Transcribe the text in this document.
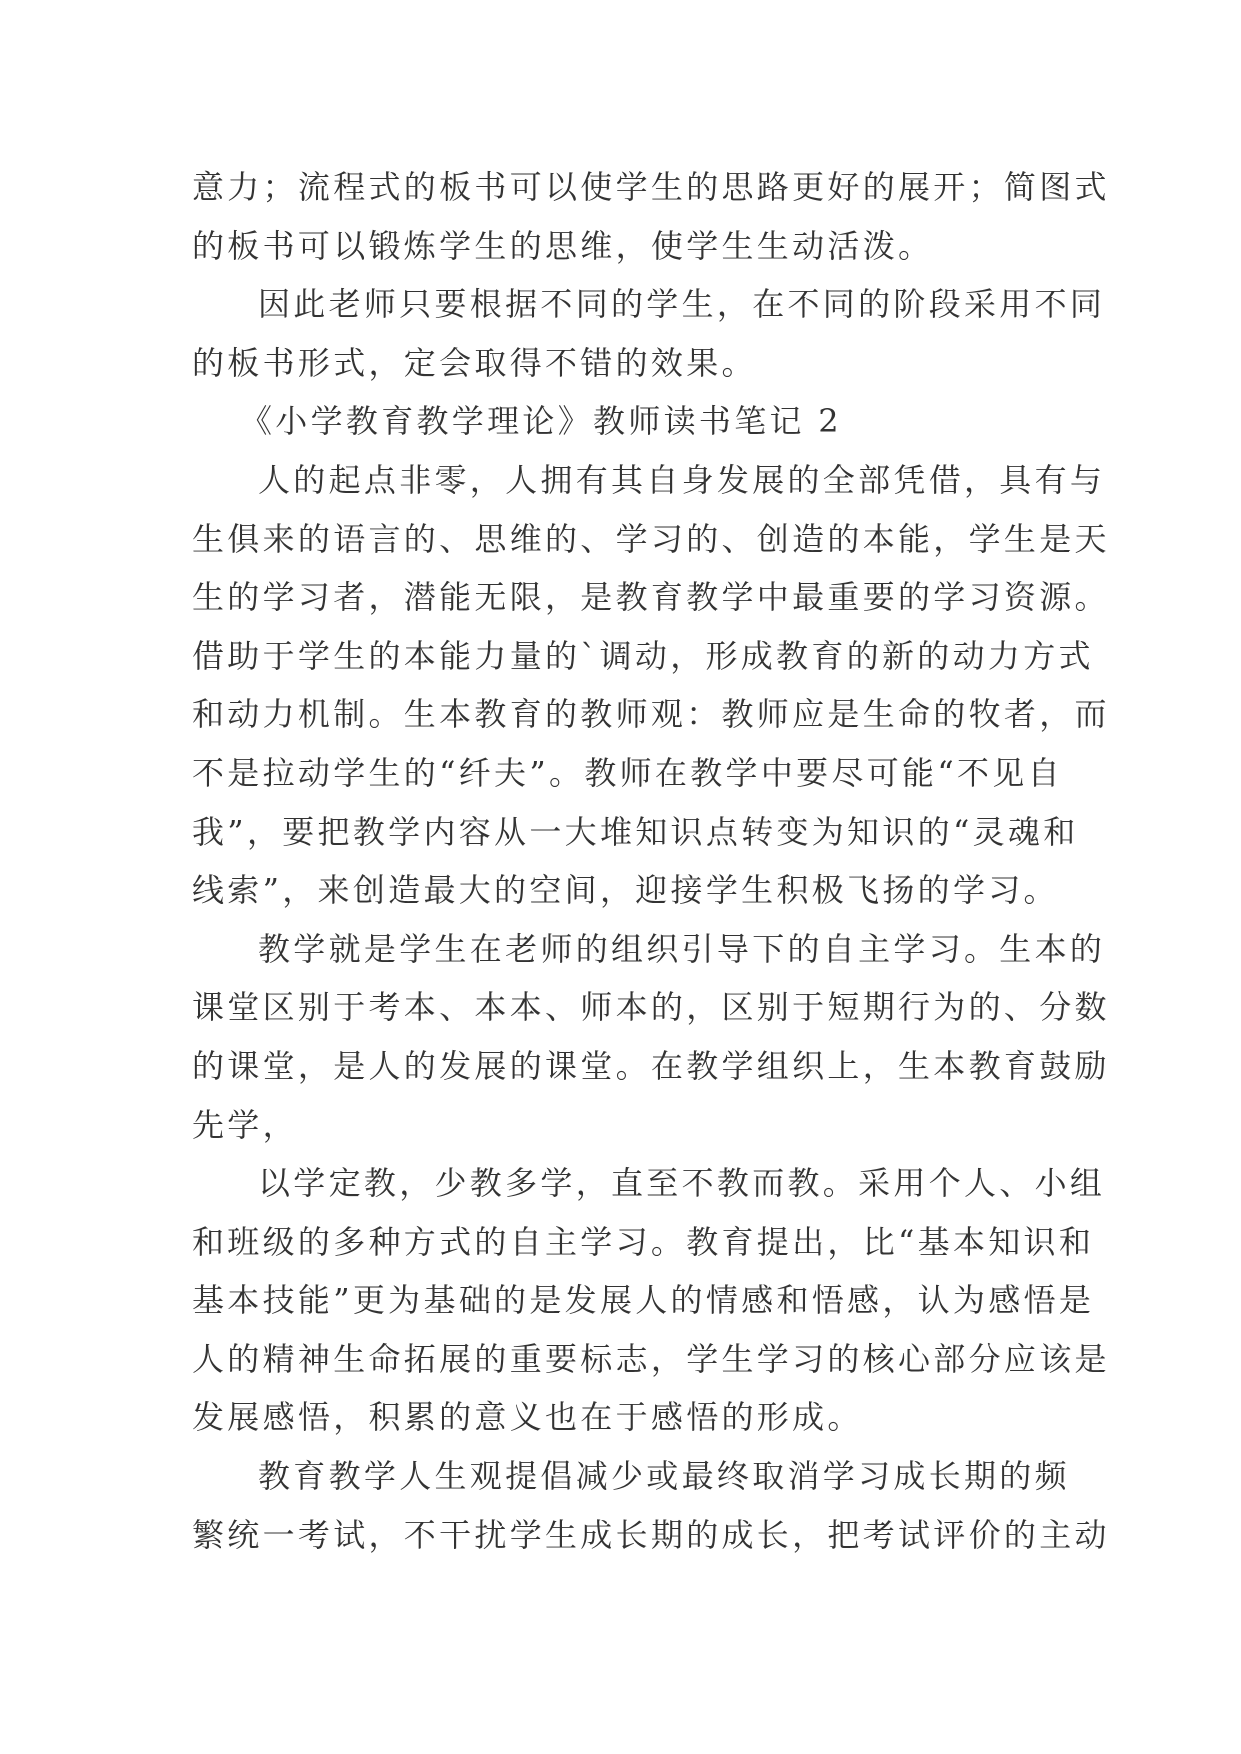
意力；流程式的板书可以使学生的思路更好的展开；简图式
的板书可以锻炼学生的思维，使学生生动活泼。
因此老师只要根据不同的学生，在不同的阶段采用不同
的板书形式，定会取得不错的效果。
《小学教育教学理论》教师读书笔记 2
人的起点非零，人拥有其自身发展的全部凭借，具有与
生俱来的语言的、思维的、学习的、创造的本能，学生是天
生的学习者，潜能无限，是教育教学中最重要的学习资源。
借助于学生的本能力量的`调动，形成教育的新的动力方式
和动力机制。生本教育的教师观：教师应是生命的牧者，而
不是拉动学生的“纤夫”。教师在教学中要尽可能“不见自
我”，要把教学内容从一大堆知识点转变为知识的“灵魂和
线索”，来创造最大的空间，迎接学生积极飞扬的学习。
教学就是学生在老师的组织引导下的自主学习。生本的
课堂区别于考本、本本、师本的，区别于短期行为的、分数
的课堂，是人的发展的课堂。在教学组织上，生本教育鼓励
先学，
以学定教，少教多学，直至不教而教。采用个人、小组
和班级的多种方式的自主学习。教育提出，比“基本知识和
基本技能”更为基础的是发展人的情感和悟感，认为感悟是
人的精神生命拓展的重要标志，学生学习的核心部分应该是
发展感悟，积累的意义也在于感悟的形成。
教育教学人生观提倡减少或最终取消学习成长期的频
繁统一考试，不干扰学生成长期的成长，把考试评价的主动
